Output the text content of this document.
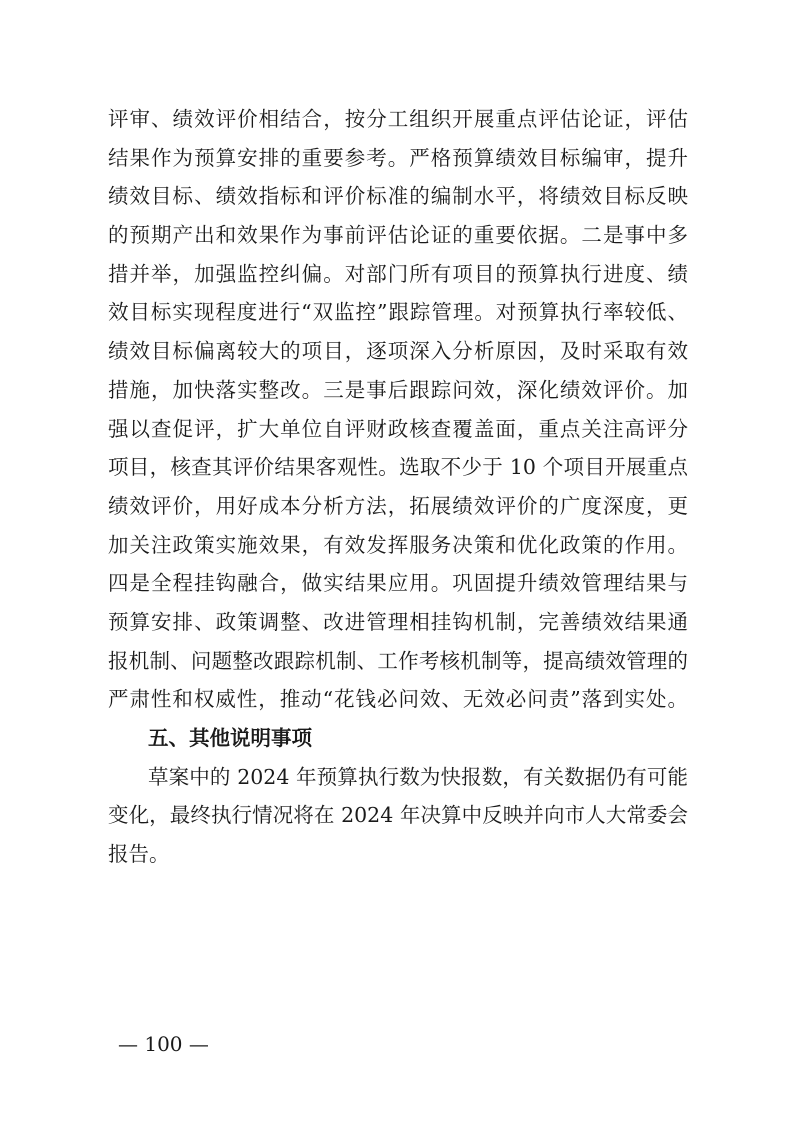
评审、绩效评价相结合，按分工组织开展重点评估论证，评估
结果作为预算安排的重要参考。严格预算绩效目标编审，提升
绩效目标、绩效指标和评价标准的编制水平，将绩效目标反映
的预期产出和效果作为事前评估论证的重要依据。二是事中多
措并举，加强监控纠偏。对部门所有项目的预算执行进度、绩
效目标实现程度进行“双监控”跟踪管理。对预算执行率较低、
绩效目标偏离较大的项目，逐项深入分析原因，及时采取有效
措施，加快落实整改。三是事后跟踪问效，深化绩效评价。加
强以查促评，扩大单位自评财政核查覆盖面，重点关注高评分
项目，核查其评价结果客观性。选取不少于 10 个项目开展重点
绩效评价，用好成本分析方法，拓展绩效评价的广度深度，更
加关注政策实施效果，有效发挥服务决策和优化政策的作用。
四是全程挂钩融合，做实结果应用。巩固提升绩效管理结果与
预算安排、政策调整、改进管理相挂钩机制，完善绩效结果通
报机制、问题整改跟踪机制、工作考核机制等，提高绩效管理的
严肃性和权威性，推动“花钱必问效、无效必问责”落到实处。
五、其他说明事项
草案中的 2024 年预算执行数为快报数，有关数据仍有可能
变化，最终执行情况将在 2024 年决算中反映并向市人大常委会
报告。
— 100 —
